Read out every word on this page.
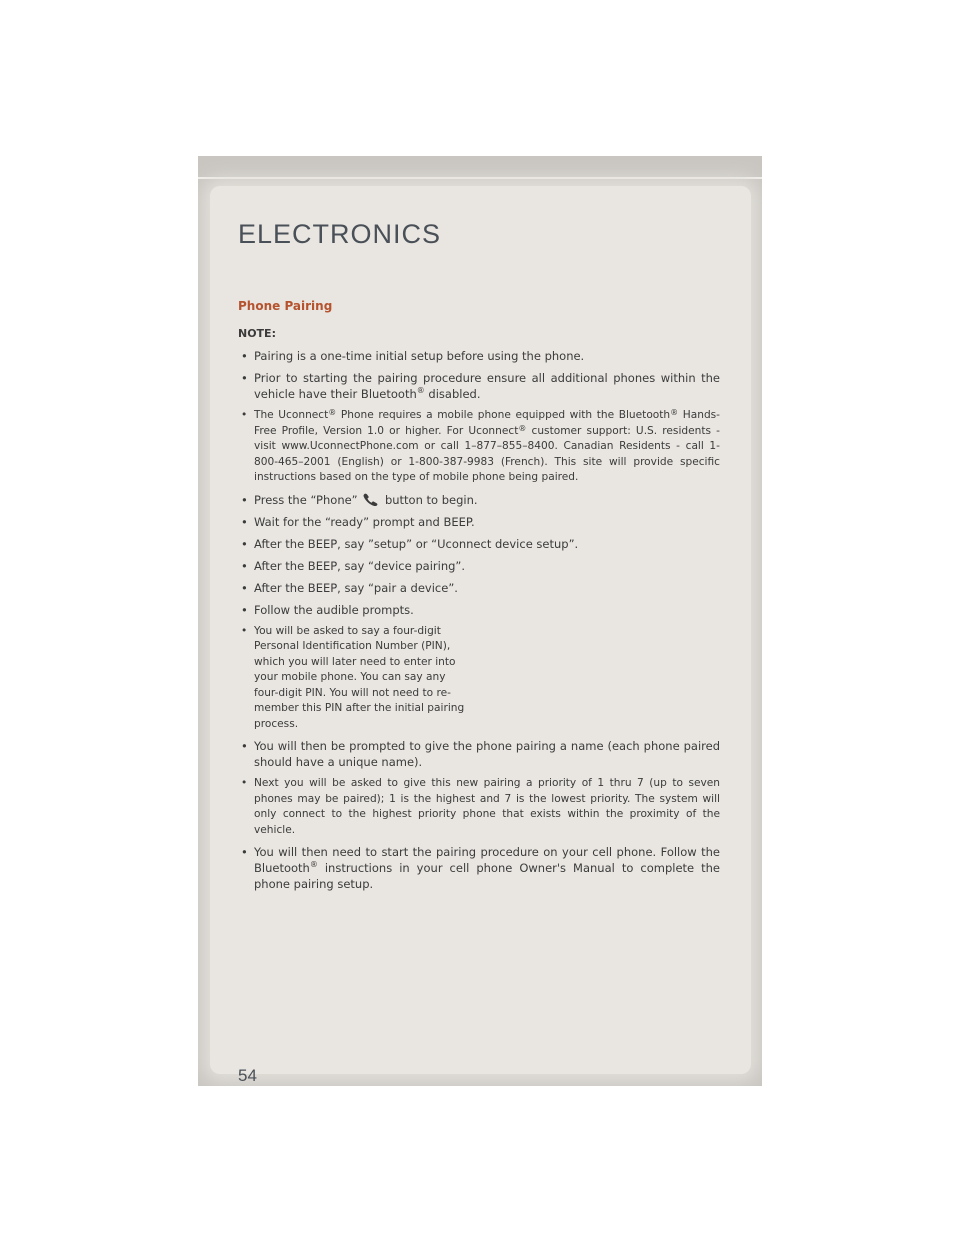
ELECTRONICS
Phone Pairing

NOTE:

• Pairing is a one-time initial setup before using the phone.
• Prior to starting the pairing procedure ensure all additional phones within the vehicle have their Bluetooth® disabled.
• The Uconnect® Phone requires a mobile phone equipped with the Bluetooth® Hands-Free Profile, Version 1.0 or higher. For Uconnect® customer support: U.S. residents - visit www.UconnectPhone.com or call 1–877–855–8400. Canadian Residents - call 1-800-465–2001 (English) or 1-800-387-9983 (French). This site will provide specific instructions based on the type of mobile phone being paired.
• Press the “Phone” button to begin.
• Wait for the “ready” prompt and BEEP.
• After the BEEP, say ”setup” or “Uconnect device setup”.
• After the BEEP, say “device pairing”.
• After the BEEP, say “pair a device”.
• Follow the audible prompts.
• You will be asked to say a four-digit Personal Identification Number (PIN), which you will later need to enter into your mobile phone. You can say any four-digit PIN. You will not need to re- member this PIN after the initial pairing process.
• You will then be prompted to give the phone pairing a name (each phone paired should have a unique name).
• Next you will be asked to give this new pairing a priority of 1 thru 7 (up to seven phones may be paired); 1 is the highest and 7 is the lowest priority. The system will only connect to the highest priority phone that exists within the proximity of the vehicle.
• You will then need to start the pairing procedure on your cell phone. Follow the Bluetooth® instructions in your cell phone Owner's Manual to complete the phone pairing setup.

54
